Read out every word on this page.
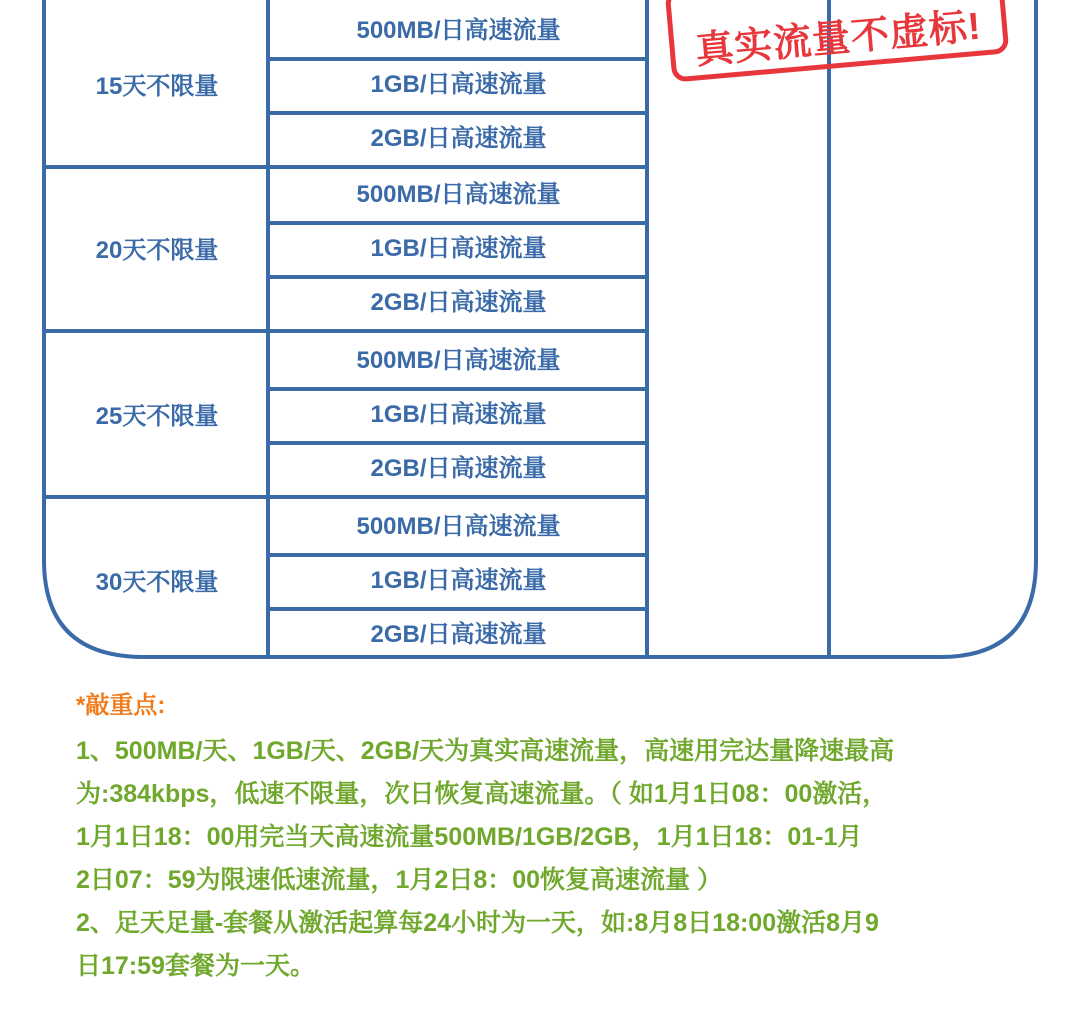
15天不限量
500MB/日高速流量
1GB/日高速流量
2GB/日高速流量
20天不限量
500MB/日高速流量
1GB/日高速流量
2GB/日高速流量
25天不限量
500MB/日高速流量
1GB/日高速流量
2GB/日高速流量
30天不限量
500MB/日高速流量
1GB/日高速流量
2GB/日高速流量
真实流量不虚标!
*敲重点:
1、500MB/天、1GB/天、2GB/天为真实高速流量，高速用完达量降速最高
为:384kbps，低速不限量，次日恢复高速流量。（ 如1月1日08：00激活，
1月1日18：00用完当天高速流量500MB/1GB/2GB，1月1日18：01-1月
2日07：59为限速低速流量，1月2日8：00恢复高速流量 ）
2、足天足量-套餐从激活起算每24小时为一天，如:8月8日18:00激活8月9
日17:59套餐为一天。
